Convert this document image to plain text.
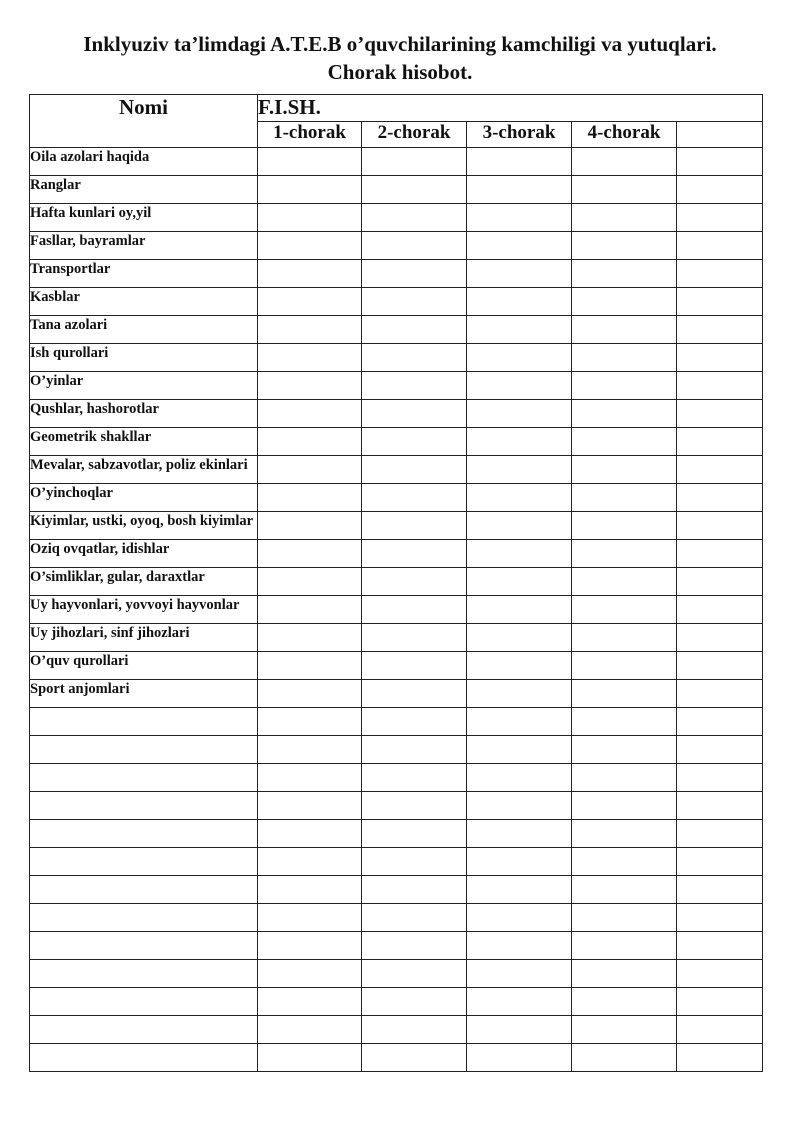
Inklyuziv ta’limdagi A.T.E.B o’quvchilarining kamchiligi va yutuqlari.
Chorak hisobot.
Nomi	F.I.SH.				
	1-chorak	2-chorak	3-chorak	4-chorak	
Oila azolari haqida					
Ranglar					
Hafta kunlari oy,yil					
Fasllar, bayramlar					
Transportlar					
Kasblar					
Tana azolari					
Ish qurollari					
O’yinlar					
Qushlar, hashorotlar					
Geometrik shakllar					
Mevalar, sabzavotlar, poliz ekinlari					
O’yinchoqlar					
Kiyimlar, ustki, oyoq, bosh kiyimlar					
Oziq ovqatlar, idishlar					
O’simliklar, gular, daraxtlar					
Uy hayvonlari, yovvoyi hayvonlar					
Uy jihozlari, sinf jihozlari					
O’quv qurollari					
Sport anjomlari					
